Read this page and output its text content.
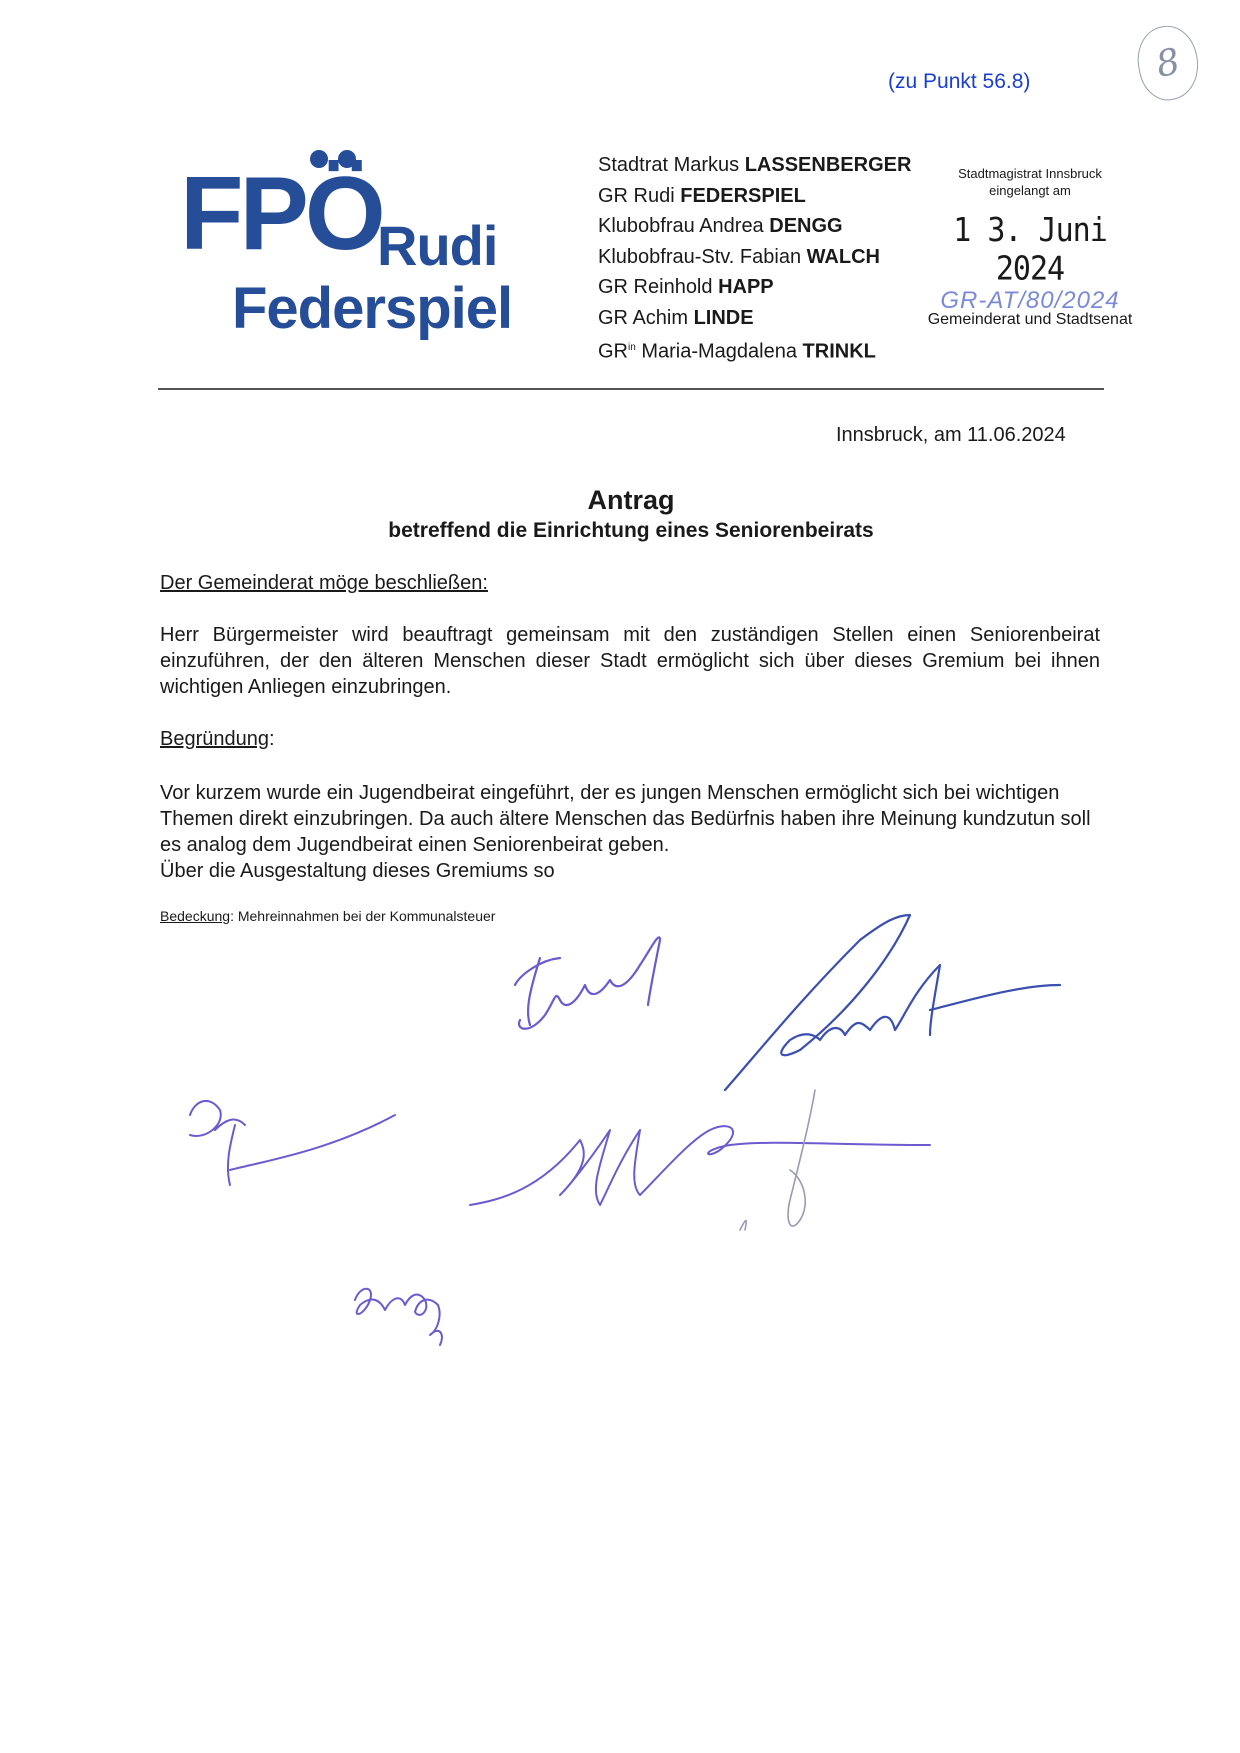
(zu Punkt 56.8)	8
FPÖ
Rudi
Federspiel
Stadtrat Markus LASSENBERGER
GR Rudi FEDERSPIEL
Klubobfrau Andrea DENGG
Klubobfrau-Stv. Fabian WALCH
GR Reinhold HAPP
GR Achim LINDE
$GR^{in}$ Maria-Magdalena TRINKL
Stadtmagistrat Innsbruck
eingelangt am
1 3. Juni 2024
GR-AT/80/2024
Gemeinderat und Stadtsenat
Innsbruck, am 11.06.2024
Antrag
betreffend die Einrichtung eines Seniorenbeirats
Der Gemeinderat möge beschließen:
Herr Bürgermeister wird beauftragt gemeinsam mit den zuständigen Stellen einen Seniorenbeirat einzuführen, der den älteren Menschen dieser Stadt ermöglicht sich über dieses Gremium bei ihnen wichtigen Anliegen einzubringen.
Begründung:
Vor kurzem wurde ein Jugendbeirat eingeführt, der es jungen Menschen ermöglicht sich bei wichtigen Themen direkt einzubringen. Da auch ältere Menschen das Bedürfnis haben ihre Meinung kundzutun soll es analog dem Jugendbeirat einen Seniorenbeirat geben.
Über die Ausgestaltung dieses Gremiums so
Bedeckung: Mehreinnahmen bei der Kommunalsteuer
